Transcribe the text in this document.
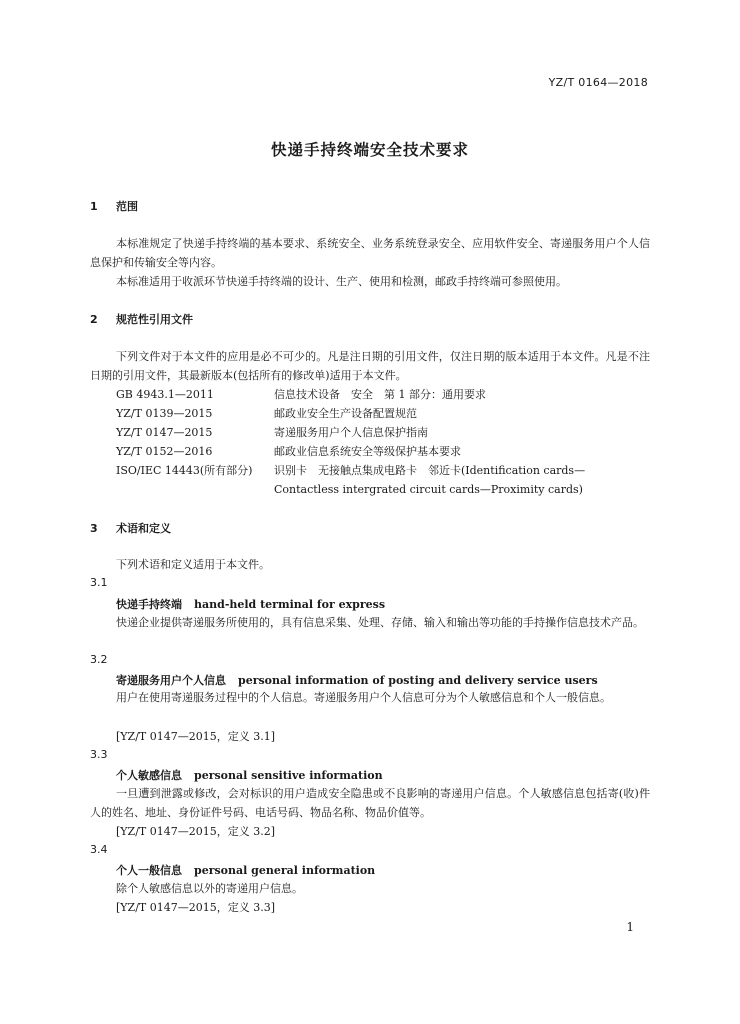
YZ/T 0164—2018
快递手持终端安全技术要求
1 范围
本标准规定了快递手持终端的基本要求、系统安全、业务系统登录安全、应用软件安全、寄递服务用户个人信息保护和传输安全等内容。
本标准适用于收派环节快递手持终端的设计、生产、使用和检测，邮政手持终端可参照使用。
2 规范性引用文件
下列文件对于本文件的应用是必不可少的。凡是注日期的引用文件，仅注日期的版本适用于本文件。凡是不注日期的引用文件，其最新版本(包括所有的修改单)适用于本文件。
GB 4943.1—2011	信息技术设备　安全　第 1 部分：通用要求
YZ/T 0139—2015	邮政业安全生产设备配置规范
YZ/T 0147—2015	寄递服务用户个人信息保护指南
YZ/T 0152—2016	邮政业信息系统安全等级保护基本要求
ISO/IEC 14443(所有部分) 识别卡　无接触点集成电路卡　邻近卡(Identification cards—Contactless intergrated circuit cards—Proximity cards)
3 术语和定义
下列术语和定义适用于本文件。
3.1
快递手持终端 hand-held terminal for express
快递企业提供寄递服务所使用的，具有信息采集、处理、存储、输入和输出等功能的手持操作信息技术产品。
3.2
寄递服务用户个人信息 personal information of posting and delivery service users
用户在使用寄递服务过程中的个人信息。寄递服务用户个人信息可分为个人敏感信息和个人一般信息。
[YZ/T 0147—2015，定义 3.1]
3.3
个人敏感信息 personal sensitive information
一旦遭到泄露或修改，会对标识的用户造成安全隐患或不良影响的寄递用户信息。个人敏感信息包括寄(收)件人的姓名、地址、身份证件号码、电话号码、物品名称、物品价值等。
[YZ/T 0147—2015，定义 3.2]
3.4
个人一般信息 personal general information
除个人敏感信息以外的寄递用户信息。
[YZ/T 0147—2015，定义 3.3]
1
